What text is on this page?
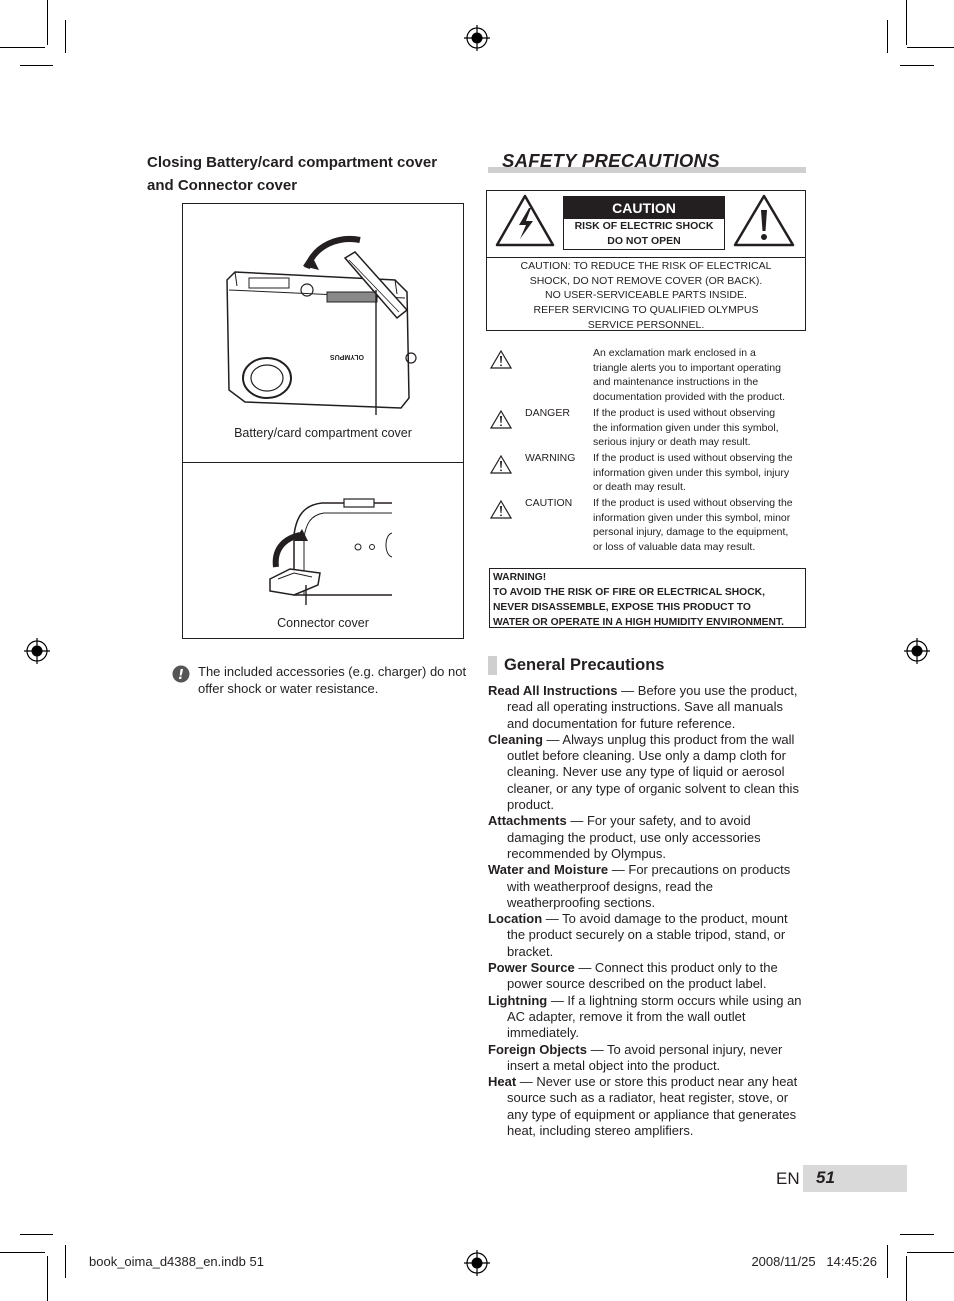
Closing Battery/card compartment cover and Connector cover
OLYMPUS
Battery/card compartment cover
Connector cover
! The included accessories (e.g. charger) do not offer shock or water resistance.
SAFETY PRECAUTIONS
CAUTION
RISK OF ELECTRIC SHOCK
DO NOT OPEN
CAUTION: TO REDUCE THE RISK OF ELECTRICAL
SHOCK, DO NOT REMOVE COVER (OR BACK).
NO USER-SERVICEABLE PARTS INSIDE.
REFER SERVICING TO QUALIFIED OLYMPUS
SERVICE PERSONNEL.
An exclamation mark enclosed in a
triangle alerts you to important operating
and maintenance instructions in the
documentation provided with the product.
DANGER If the product is used without observing
the information given under this symbol,
serious injury or death may result.
WARNING If the product is used without observing the
information given under this symbol, injury
or death may result.
CAUTION If the product is used without observing the
information given under this symbol, minor
personal injury, damage to the equipment,
or loss of valuable data may result.
WARNING!
TO AVOID THE RISK OF FIRE OR ELECTRICAL SHOCK,
NEVER DISASSEMBLE, EXPOSE THIS PRODUCT TO
WATER OR OPERATE IN A HIGH HUMIDITY ENVIRONMENT.
General Precautions
Read All Instructions — Before you use the product, read all operating instructions. Save all manuals and documentation for future reference.
Cleaning — Always unplug this product from the wall outlet before cleaning. Use only a damp cloth for cleaning. Never use any type of liquid or aerosol cleaner, or any type of organic solvent to clean this product.
Attachments — For your safety, and to avoid damaging the product, use only accessories recommended by Olympus.
Water and Moisture — For precautions on products with weatherproof designs, read the weatherproofing sections.
Location — To avoid damage to the product, mount the product securely on a stable tripod, stand, or bracket.
Power Source — Connect this product only to the power source described on the product label.
Lightning — If a lightning storm occurs while using an AC adapter, remove it from the wall outlet immediately.
Foreign Objects — To avoid personal injury, never insert a metal object into the product.
Heat — Never use or store this product near any heat source such as a radiator, heat register, stove, or any type of equipment or appliance that generates heat, including stereo amplifiers.
EN 51
book_oima_d4388_en.indb 51	2008/11/25   14:45:26
